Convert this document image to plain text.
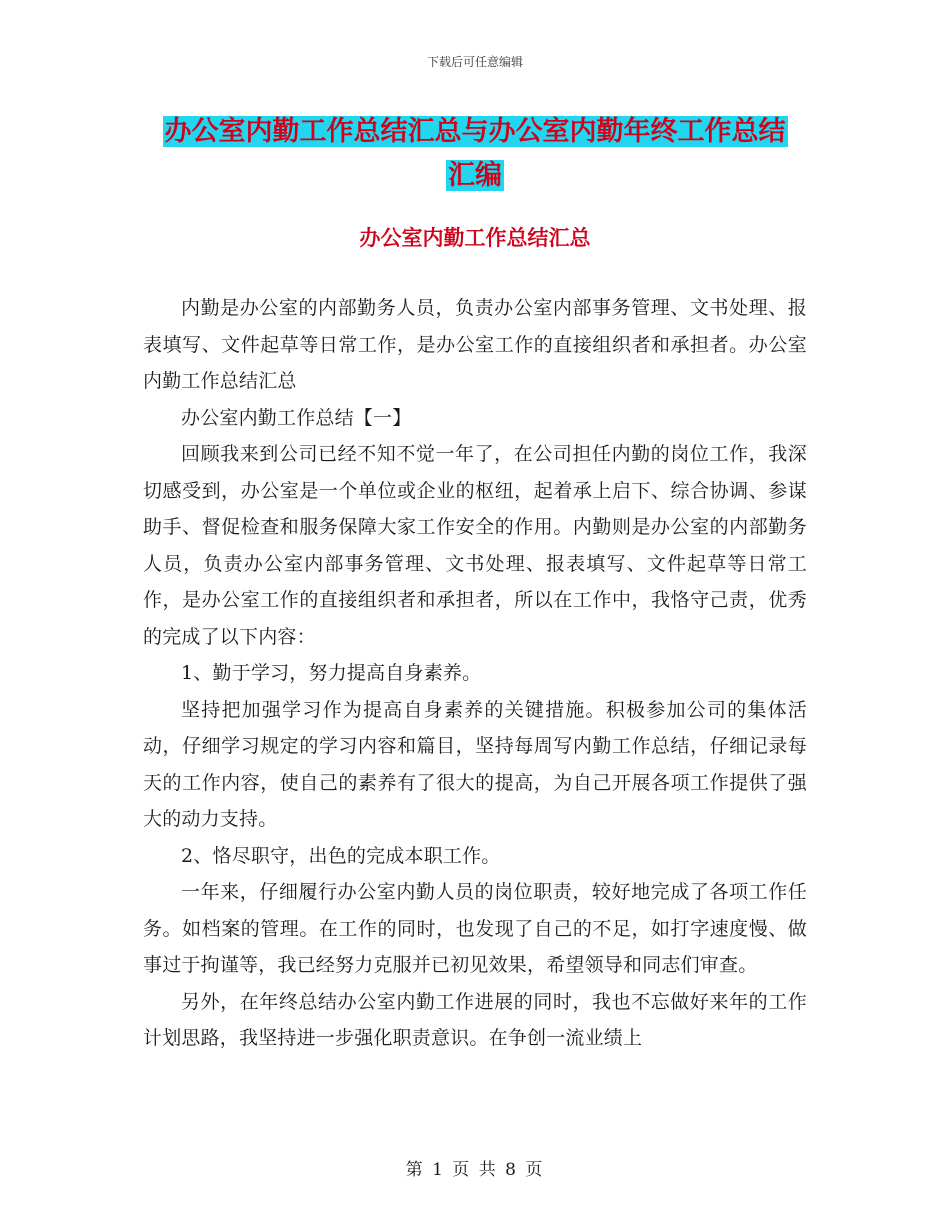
下载后可任意编辑
办公室内勤工作总结汇总与办公室内勤年终工作总结
汇编
办公室内勤工作总结汇总

内勤是办公室的内部勤务人员，负责办公室内部事务管理、文书处理、报表填写、文件起草等日常工作，是办公室工作的直接组织者和承担者。办公室内勤工作总结汇总

办公室内勤工作总结【一】

回顾我来到公司已经不知不觉一年了，在公司担任内勤的岗位工作，我深切感受到，办公室是一个单位或企业的枢纽，起着承上启下、综合协调、参谋助手、督促检查和服务保障大家工作安全的作用。内勤则是办公室的内部勤务人员，负责办公室内部事务管理、文书处理、报表填写、文件起草等日常工作，是办公室工作的直接组织者和承担者，所以在工作中，我恪守己责，优秀的完成了以下内容：

1、勤于学习，努力提高自身素养。

坚持把加强学习作为提高自身素养的关键措施。积极参加公司的集体活动，仔细学习规定的学习内容和篇目，坚持每周写内勤工作总结，仔细记录每天的工作内容，使自己的素养有了很大的提高，为自己开展各项工作提供了强大的动力支持。

2、恪尽职守，出色的完成本职工作。

一年来，仔细履行办公室内勤人员的岗位职责，较好地完成了各项工作任务。如档案的管理。在工作的同时，也发现了自己的不足，如打字速度慢、做事过于拘谨等，我已经努力克服并已初见效果，希望领导和同志们审查。

另外，在年终总结办公室内勤工作进展的同时，我也不忘做好来年的工作计划思路，我坚持进一步强化职责意识。在争创一流业绩上

第 1 页 共 8 页
